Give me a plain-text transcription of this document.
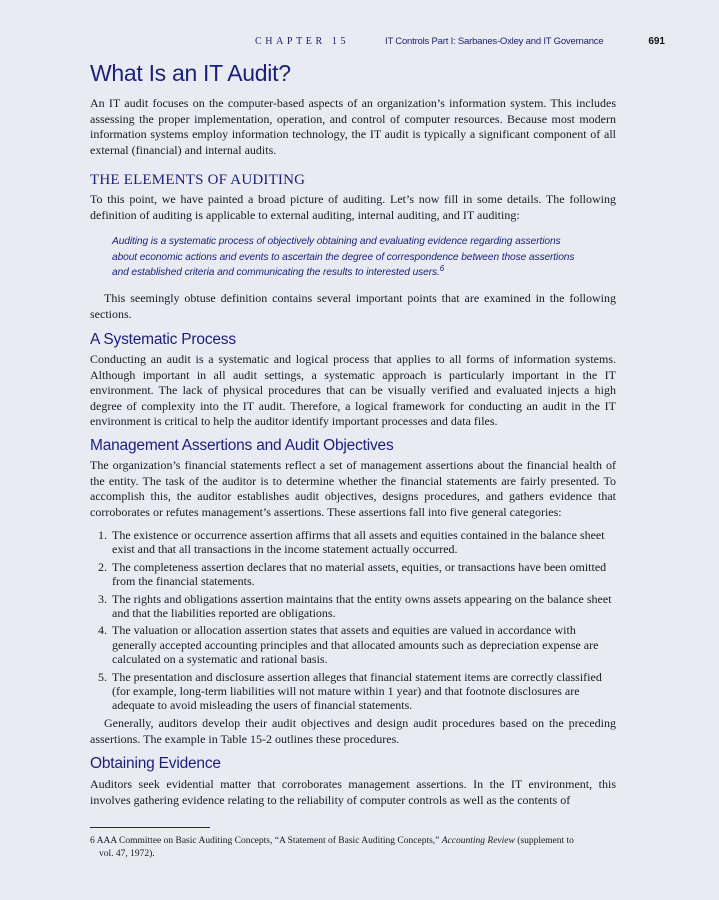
CHAPTER 15	IT Controls Part I: Sarbanes-Oxley and IT Governance	691
What Is an IT Audit?

An IT audit focuses on the computer-based aspects of an organization’s information system. This includes assessing the proper implementation, operation, and control of computer resources. Because most modern information systems employ information technology, the IT audit is typically a significant component of all external (financial) and internal audits.

THE ELEMENTS OF AUDITING

To this point, we have painted a broad picture of auditing. Let’s now fill in some details. The following definition of auditing is applicable to external auditing, internal auditing, and IT auditing:

Auditing is a systematic process of objectively obtaining and evaluating evidence regarding assertions
about economic actions and events to ascertain the degree of correspondence between those assertions
and established criteria and communicating the results to interested users.$^6$

This seemingly obtuse definition contains several important points that are examined in the following sections.

A Systematic Process

Conducting an audit is a systematic and logical process that applies to all forms of information systems. Although important in all audit settings, a systematic approach is particularly important in the IT environment. The lack of physical procedures that can be visually verified and evaluated injects a high degree of complexity into the IT audit. Therefore, a logical framework for conducting an audit in the IT environment is critical to help the auditor identify important processes and data files.

Management Assertions and Audit Objectives

The organization’s financial statements reflect a set of management assertions about the financial health of the entity. The task of the auditor is to determine whether the financial statements are fairly presented. To accomplish this, the auditor establishes audit objectives, designs procedures, and gathers evidence that corroborates or refutes management’s assertions. These assertions fall into five general categories:

1. The existence or occurrence assertion affirms that all assets and equities contained in the balance sheet exist and that all transactions in the income statement actually occurred.
2. The completeness assertion declares that no material assets, equities, or transactions have been omitted from the financial statements.
3. The rights and obligations assertion maintains that the entity owns assets appearing on the balance sheet and that the liabilities reported are obligations.
4. The valuation or allocation assertion states that assets and equities are valued in accordance with generally accepted accounting principles and that allocated amounts such as depreciation expense are calculated on a systematic and rational basis.
5. The presentation and disclosure assertion alleges that financial statement items are correctly classified (for example, long-term liabilities will not mature within 1 year) and that footnote disclosures are adequate to avoid misleading the users of financial statements.

Generally, auditors develop their audit objectives and design audit procedures based on the preceding assertions. The example in Table 15-2 outlines these procedures.

Obtaining Evidence

Auditors seek evidential matter that corroborates management assertions. In the IT environment, this involves gathering evidence relating to the reliability of computer controls as well as the contents of

6 AAA Committee on Basic Auditing Concepts, “A Statement of Basic Auditing Concepts,” Accounting Review (supplement to
vol. 47, 1972).
